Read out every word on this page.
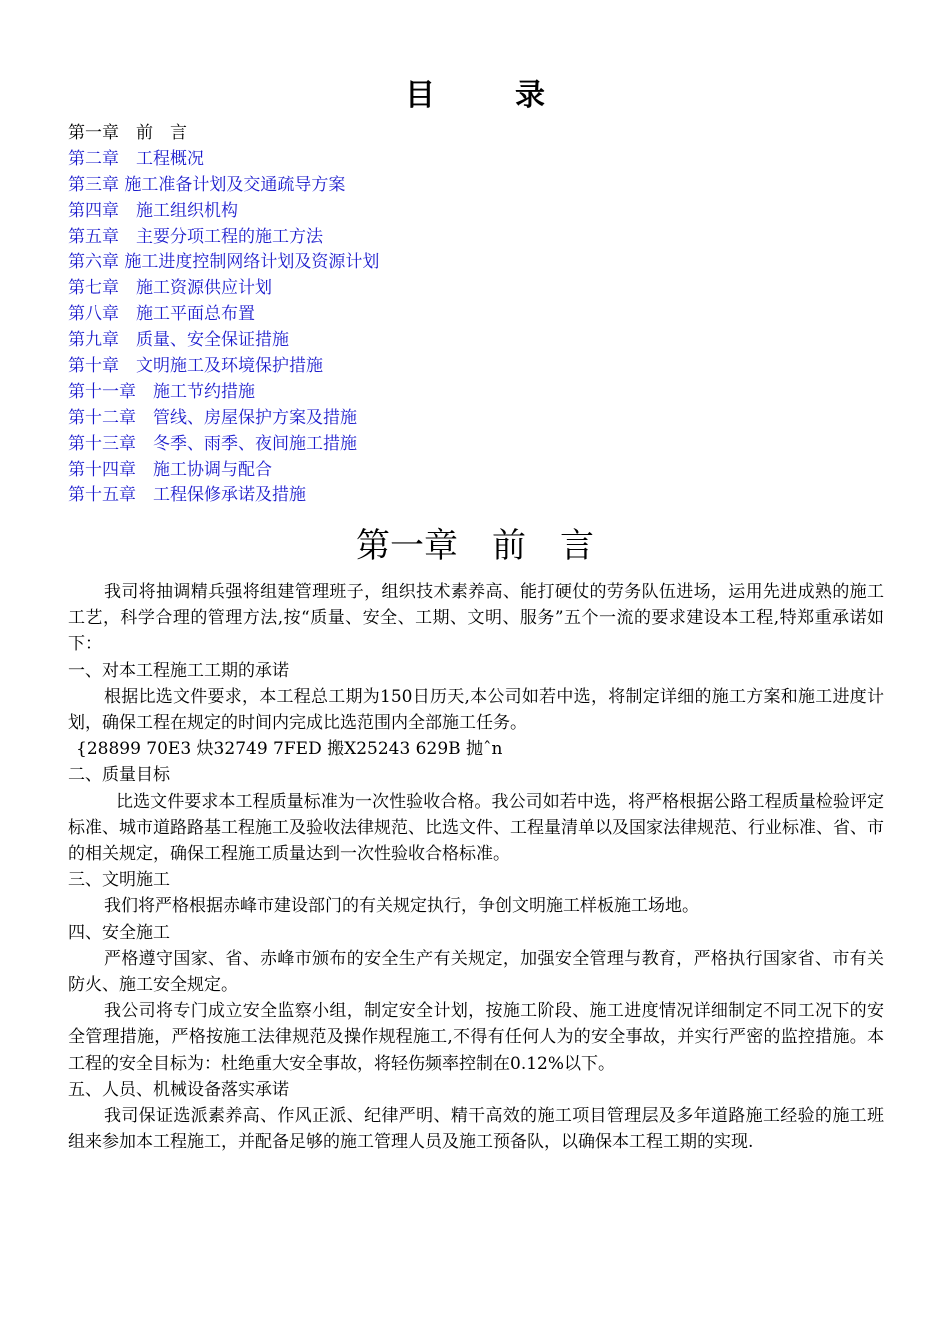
目录
第一章　前　言
第二章　工程概况
第三章 施工准备计划及交通疏导方案
第四章　施工组织机构
第五章　主要分项工程的施工方法
第六章 施工进度控制网络计划及资源计划
第七章　施工资源供应计划
第八章　施工平面总布置
第九章　质量、安全保证措施
第十章　文明施工及环境保护措施
第十一章　施工节约措施
第十二章　管线、房屋保护方案及措施
第十三章　冬季、雨季、夜间施工措施
第十四章　施工协调与配合
第十五章　工程保修承诺及措施
第一章　前　言

我司将抽调精兵强将组建管理班子，组织技术素养高、能打硬仗的劳务队伍进场，运用先进成熟的施工工艺，科学合理的管理方法,按“质量、安全、工期、文明、服务”五个一流的要求建设本工程,特郑重承诺如下：

一、对本工程施工工期的承诺

根据比选文件要求，本工程总工期为150日历天,本公司如若中选，将制定详细的施工方案和施工进度计划，确保工程在规定的时间内完成比选范围内全部施工任务。

{28899 70E3 炔32749 7FED 搬X25243 629B 抛ˆn

二、质量目标

比选文件要求本工程质量标准为一次性验收合格。我公司如若中选，将严格根据公路工程质量检验评定标准、城市道路路基工程施工及验收法律规范、比选文件、工程量清单以及国家法律规范、行业标准、省、市的相关规定，确保工程施工质量达到一次性验收合格标准。

三、文明施工

我们将严格根据赤峰市建设部门的有关规定执行，争创文明施工样板施工场地。

四、安全施工

严格遵守国家、省、赤峰市颁布的安全生产有关规定，加强安全管理与教育，严格执行国家省、市有关防火、施工安全规定。

我公司将专门成立安全监察小组，制定安全计划，按施工阶段、施工进度情况详细制定不同工况下的安全管理措施，严格按施工法律规范及操作规程施工,不得有任何人为的安全事故，并实行严密的监控措施。本工程的安全目标为：杜绝重大安全事故，将轻伤频率控制在0.12%以下。

五、人员、机械设备落实承诺

我司保证选派素养高、作风正派、纪律严明、精干高效的施工项目管理层及多年道路施工经验的施工班组来参加本工程施工，并配备足够的施工管理人员及施工预备队，以确保本工程工期的实现.
